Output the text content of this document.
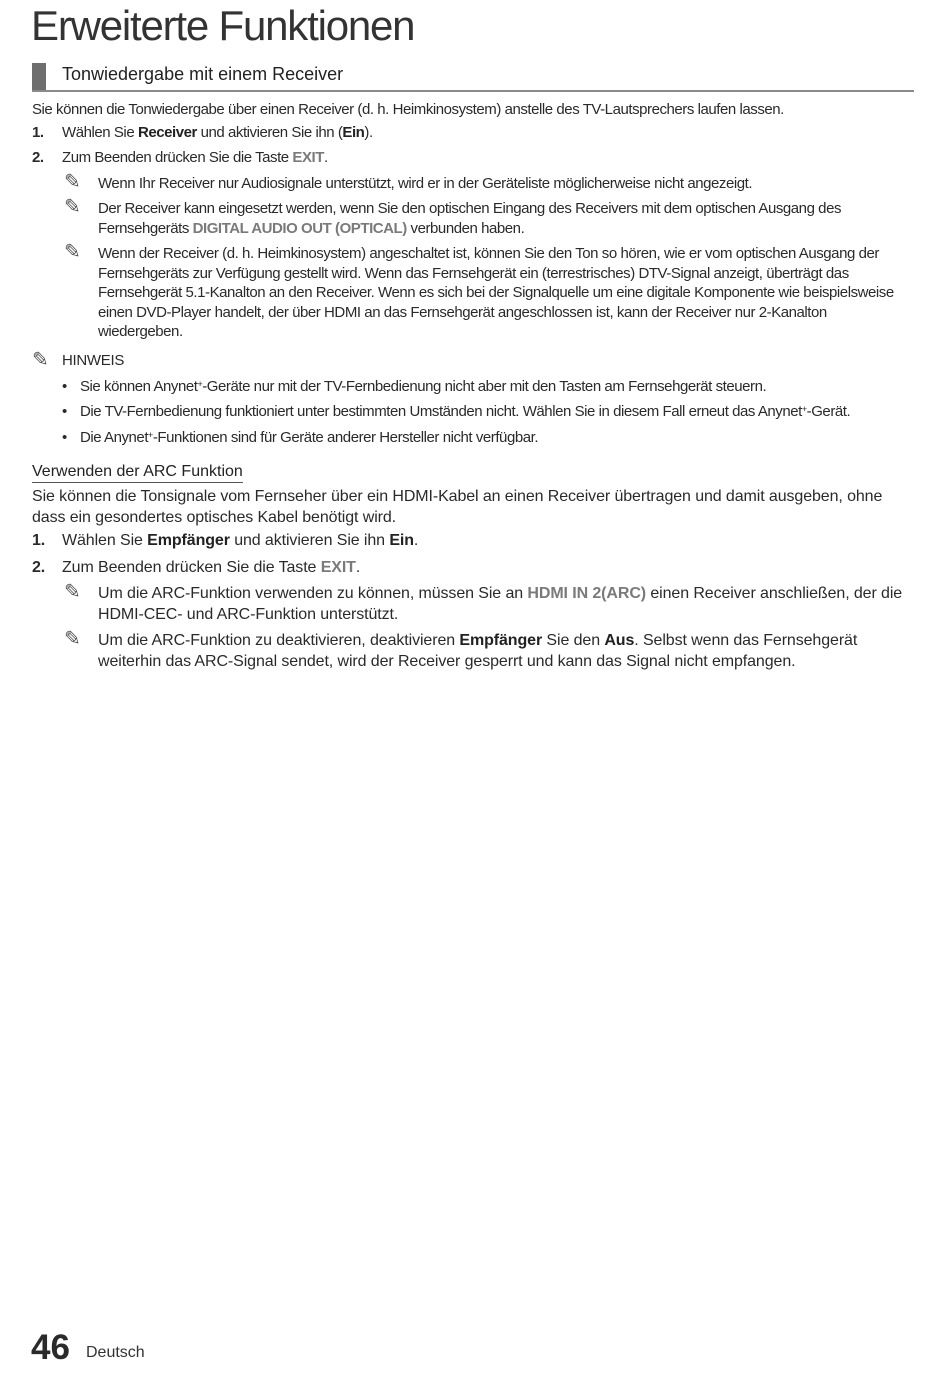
Erweiterte Funktionen
Tonwiedergabe mit einem Receiver

Sie können die Tonwiedergabe über einen Receiver (d. h. Heimkinosystem) anstelle des TV-Lautsprechers laufen lassen.

1.	Wählen Sie Receiver und aktivieren Sie ihn (Ein).
2.	Zum Beenden drücken Sie die Taste EXIT.
✎ Wenn Ihr Receiver nur Audiosignale unterstützt, wird er in der Geräteliste möglicherweise nicht angezeigt.

✎ Der Receiver kann eingesetzt werden, wenn Sie den optischen Eingang des Receivers mit dem optischen Ausgang des Fernsehgeräts DIGITAL AUDIO OUT (OPTICAL) verbunden haben.

✎ Wenn der Receiver (d. h. Heimkinosystem) angeschaltet ist, können Sie den Ton so hören, wie er vom optischen Ausgang der Fernsehgeräts zur Verfügung gestellt wird. Wenn das Fernsehgerät ein (terrestrisches) DTV-Signal anzeigt, überträgt das Fernsehgerät 5.1-Kanalton an den Receiver. Wenn es sich bei der Signalquelle um eine digitale Komponente wie beispielsweise einen DVD-Player handelt, der über HDMI an das Fernsehgerät angeschlossen ist, kann der Receiver nur 2-Kanalton wiedergeben.

✎ HINWEIS
• Sie können Anynet+-Geräte nur mit der TV-Fernbedienung nicht aber mit den Tasten am Fernsehgerät steuern.

• Die TV-Fernbedienung funktioniert unter bestimmten Umständen nicht. Wählen Sie in diesem Fall erneut das Anynet+-Gerät.

• Die Anynet+-Funktionen sind für Geräte anderer Hersteller nicht verfügbar.

Verwenden der ARC Funktion

Sie können die Tonsignale vom Fernseher über ein HDMI-Kabel an einen Receiver übertragen und damit ausgeben, ohne dass ein gesondertes optisches Kabel benötigt wird.

1.	Wählen Sie Empfänger und aktivieren Sie ihn Ein.
2.	Zum Beenden drücken Sie die Taste EXIT.
✎ Um die ARC-Funktion verwenden zu können, müssen Sie an HDMI IN 2(ARC) einen Receiver anschließen, der die HDMI-CEC- und ARC-Funktion unterstützt.

✎ Um die ARC-Funktion zu deaktivieren, deaktivieren Empfänger Sie den Aus. Selbst wenn das Fernsehgerät weiterhin das ARC-Signal sendet, wird der Receiver gesperrt und kann das Signal nicht empfangen.

46 Deutsch
